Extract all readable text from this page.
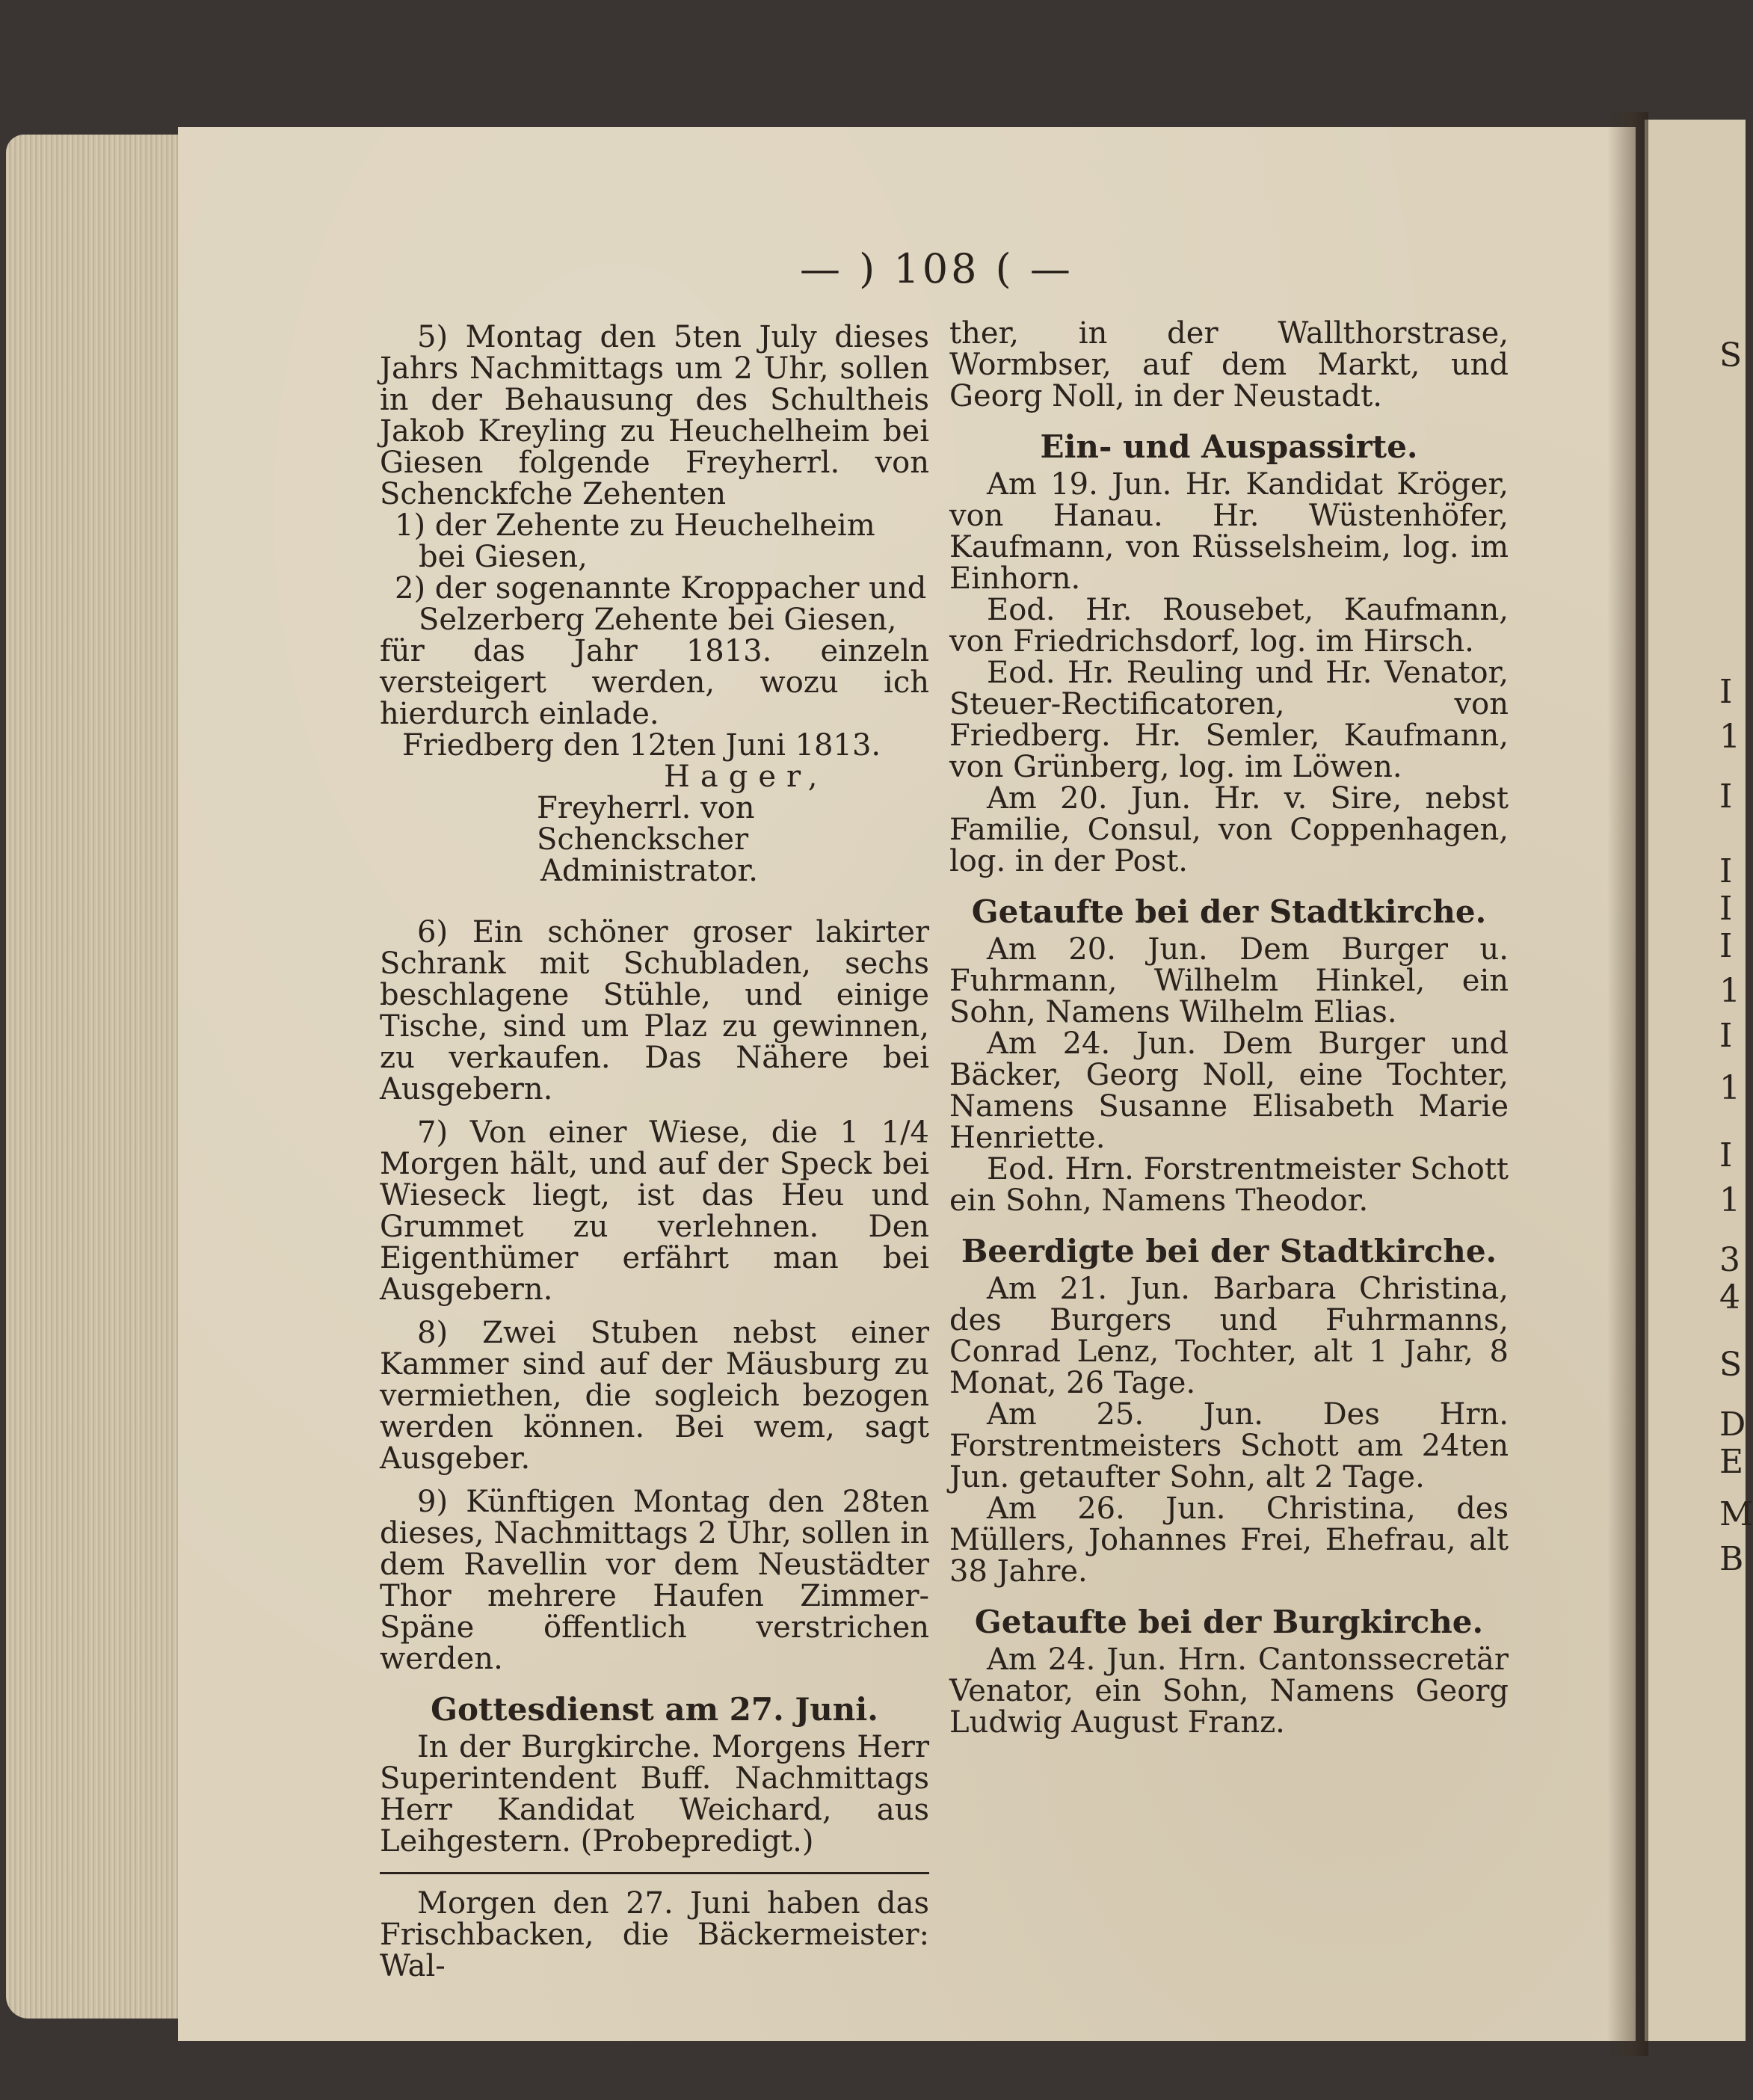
S
I
1
I
I
I
I
1
I
1
I
1
3
4
S
D
E
M
B
— ) 108 ( —

5) Montag den 5ten July dieses Jahrs Nachmittags um 2 Uhr, sollen in der Behausung des Schultheis Jakob Kreyling zu Heuchelheim bei Giesen folgende Freyherrl. von Schenckfche Zehenten

1) der Zehente zu Heuchelheim bei Giesen,

2) der sogenannte Kroppacher und Selzerberg Zehente bei Giesen,

für das Jahr 1813. einzeln versteigert werden, wozu ich hierdurch einlade.

Friedberg den 12ten Juni 1813.

Hager,

Freyherrl. von Schenckscher

Administrator.

6) Ein schöner groser lakirter Schrank mit Schubladen, sechs beschlagene Stühle, und einige Tische, sind um Plaz zu gewinnen, zu verkaufen. Das Nähere bei Ausgebern.

7) Von einer Wiese, die 1 1/4 Morgen hält, und auf der Speck bei Wieseck liegt, ist das Heu und Grummet zu verlehnen. Den Eigenthümer erfährt man bei Ausgebern.

8) Zwei Stuben nebst einer Kammer sind auf der Mäusburg zu vermiethen, die sogleich bezogen werden können. Bei wem, sagt Ausgeber.

9) Künftigen Montag den 28ten dieses, Nachmittags 2 Uhr, sollen in dem Ravellin vor dem Neustädter Thor mehrere Haufen Zimmer-Späne öffentlich verstrichen werden.

Gottesdienst am 27. Juni.

In der Burgkirche. Morgens Herr Superintendent Buff. Nachmittags Herr Kandidat Weichard, aus Leihgestern. (Probepredigt.)

Morgen den 27. Juni haben das Frischbacken, die Bäckermeister: Wal-

ther, in der Wallthorstrase, Wormbser, auf dem Markt, und Georg Noll, in der Neustadt.

Ein- und Auspassirte.

Am 19. Jun. Hr. Kandidat Kröger, von Hanau. Hr. Wüstenhöfer, Kaufmann, von Rüsselsheim, log. im Einhorn.

Eod. Hr. Rousebet, Kaufmann, von Friedrichsdorf, log. im Hirsch.

Eod. Hr. Reuling und Hr. Venator, Steuer-Rectificatoren, von Friedberg. Hr. Semler, Kaufmann, von Grünberg, log. im Löwen.

Am 20. Jun. Hr. v. Sire, nebst Familie, Consul, von Coppenhagen, log. in der Post.

Getaufte bei der Stadtkirche.

Am 20. Jun. Dem Burger u. Fuhrmann, Wilhelm Hinkel, ein Sohn, Namens Wilhelm Elias.

Am 24. Jun. Dem Burger und Bäcker, Georg Noll, eine Tochter, Namens Susanne Elisabeth Marie Henriette.

Eod. Hrn. Forstrentmeister Schott ein Sohn, Namens Theodor.

Beerdigte bei der Stadtkirche.

Am 21. Jun. Barbara Christina, des Burgers und Fuhrmanns, Conrad Lenz, Tochter, alt 1 Jahr, 8 Monat, 26 Tage.

Am 25. Jun. Des Hrn. Forstrentmeisters Schott am 24ten Jun. getaufter Sohn, alt 2 Tage.

Am 26. Jun. Christina, des Müllers, Johannes Frei, Ehefrau, alt 38 Jahre.

Getaufte bei der Burgkirche.

Am 24. Jun. Hrn. Cantonssecretär Venator, ein Sohn, Namens Georg Ludwig August Franz.
